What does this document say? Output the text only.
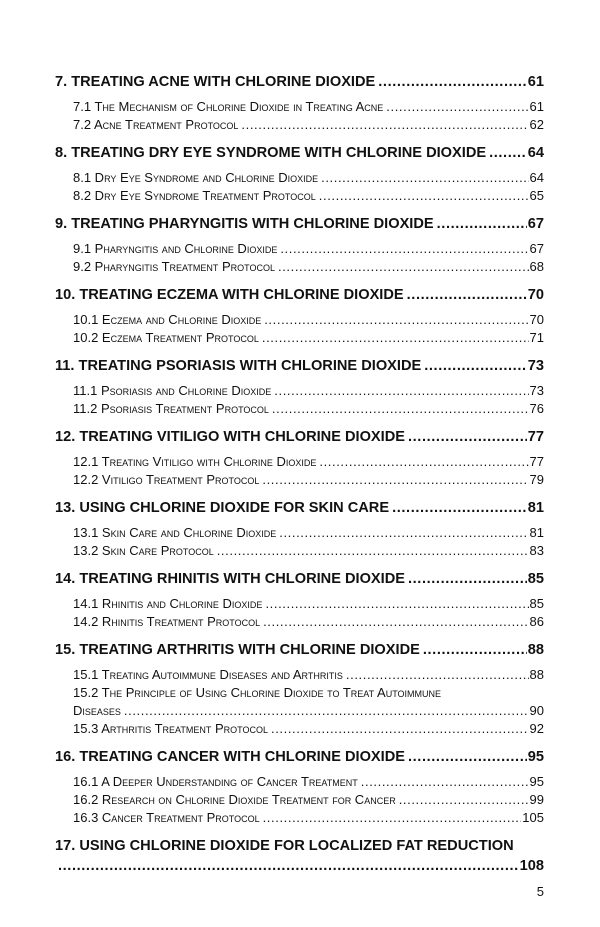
7. TREATING ACNE WITH CHLORINE DIOXIDE .....	61
7.1 The Mechanism of Chlorine Dioxide in Treating Acne .....	61
7.2 Acne Treatment Protocol .....	62
8. TREATING DRY EYE SYNDROME WITH CHLORINE DIOXIDE .....	64
8.1 Dry Eye Syndrome and Chlorine Dioxide .....	64
8.2 Dry Eye Syndrome Treatment Protocol .....	65
9. TREATING PHARYNGITIS WITH CHLORINE DIOXIDE .....	67
9.1 Pharyngitis and Chlorine Dioxide .....	67
9.2 Pharyngitis Treatment Protocol .....	68
10. TREATING ECZEMA WITH CHLORINE DIOXIDE .....	70
10.1 Eczema and Chlorine Dioxide .....	70
10.2 Eczema Treatment Protocol .....	71
11. TREATING PSORIASIS WITH CHLORINE DIOXIDE .....	73
11.1 Psoriasis and Chlorine Dioxide .....	73
11.2 Psoriasis Treatment Protocol .....	76
12. TREATING VITILIGO WITH CHLORINE DIOXIDE .....	77
12.1 Treating Vitiligo with Chlorine Dioxide .....	77
12.2 Vitiligo Treatment Protocol .....	79
13. USING CHLORINE DIOXIDE FOR SKIN CARE .....	81
13.1 Skin Care and Chlorine Dioxide .....	81
13.2 Skin Care Protocol .....	83
14. TREATING RHINITIS WITH CHLORINE DIOXIDE .....	85
14.1 Rhinitis and Chlorine Dioxide .....	85
14.2 Rhinitis Treatment Protocol .....	86
15. TREATING ARTHRITIS WITH CHLORINE DIOXIDE .....	88
15.1 Treating Autoimmune Diseases and Arthritis .....	88
15.2 The Principle of Using Chlorine Dioxide to Treat Autoimmune
Diseases .....	90
15.3 Arthritis Treatment Protocol .....	92
16. TREATING CANCER WITH CHLORINE DIOXIDE .....	95
16.1 A Deeper Understanding of Cancer Treatment .....	95
16.2 Research on Chlorine Dioxide Treatment for Cancer .....	99
16.3 Cancer Treatment Protocol .....	105
17. USING CHLORINE DIOXIDE FOR LOCALIZED FAT REDUCTION
.....
108
5
